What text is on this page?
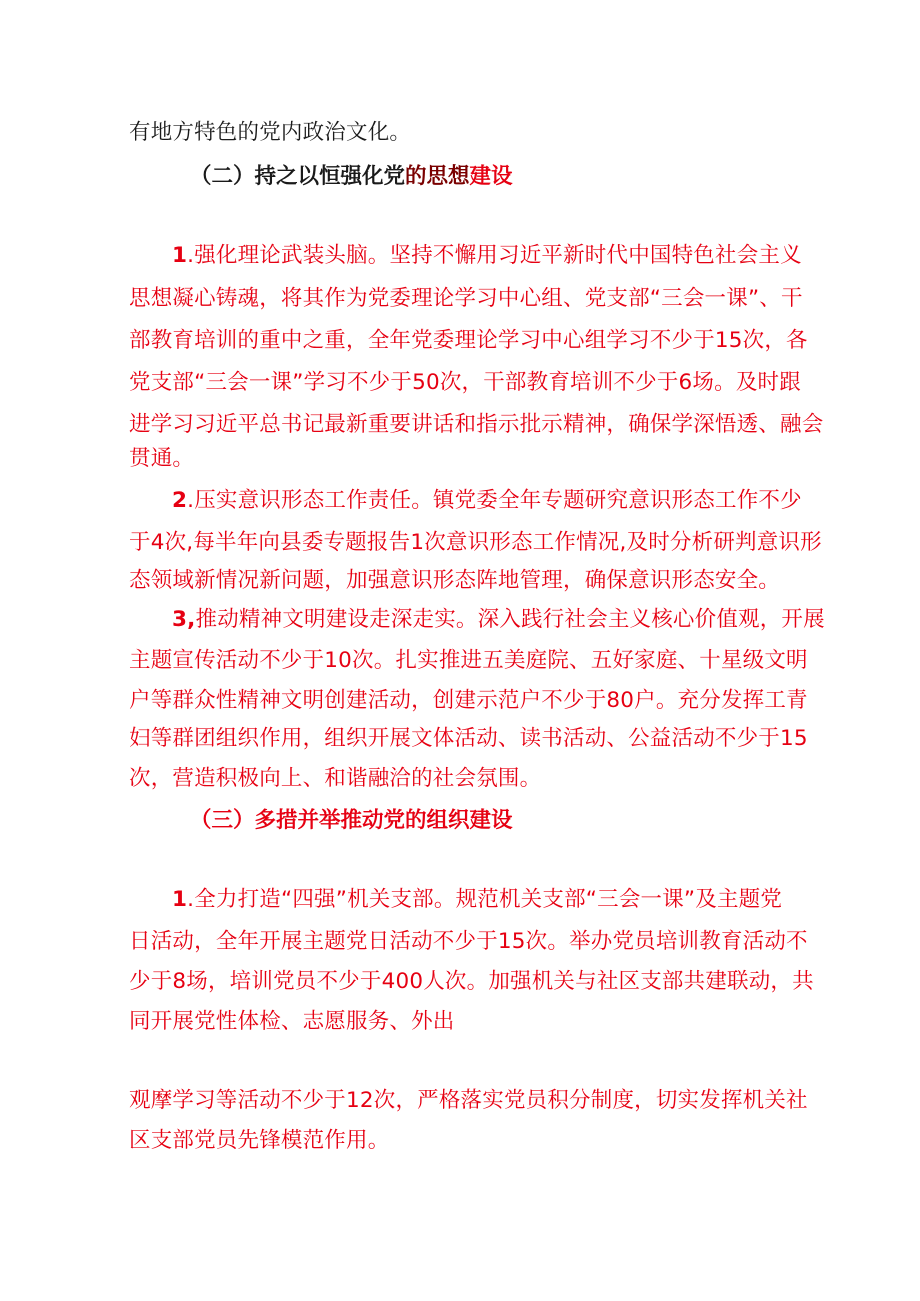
有地方特色的党内政治文化。
（二）持之以恒强化党的思想建设
1.强化理论武装头脑。坚持不懈用习近平新时代中国特色社会主义
思想凝心铸魂，将其作为党委理论学习中心组、党支部“三会一课”、干
部教育培训的重中之重，全年党委理论学习中心组学习不少于15次，各
党支部“三会一课”学习不少于50次，干部教育培训不少于6场。及时跟
进学习习近平总书记最新重要讲话和指示批示精神，确保学深悟透、融会
贯通。
2.压实意识形态工作责任。镇党委全年专题研究意识形态工作不少
于4次,每半年向县委专题报告1次意识形态工作情况,及时分析研判意识形
态领域新情况新问题，加强意识形态阵地管理，确保意识形态安全。
3,推动精神文明建设走深走实。深入践行社会主义核心价值观，开展
主题宣传活动不少于10次。扎实推进五美庭院、五好家庭、十星级文明
户等群众性精神文明创建活动，创建示范户不少于80户。充分发挥工青
妇等群团组织作用，组织开展文体活动、读书活动、公益活动不少于15
次，营造积极向上、和谐融洽的社会氛围。
（三）多措并举推动党的组织建设
1.全力打造“四强”机关支部。规范机关支部“三会一课”及主题党
日活动，全年开展主题党日活动不少于15次。举办党员培训教育活动不
少于8场，培训党员不少于400人次。加强机关与社区支部共建联动，共
同开展党性体检、志愿服务、外出
观摩学习等活动不少于12次，严格落实党员积分制度，切实发挥机关社
区支部党员先锋模范作用。
